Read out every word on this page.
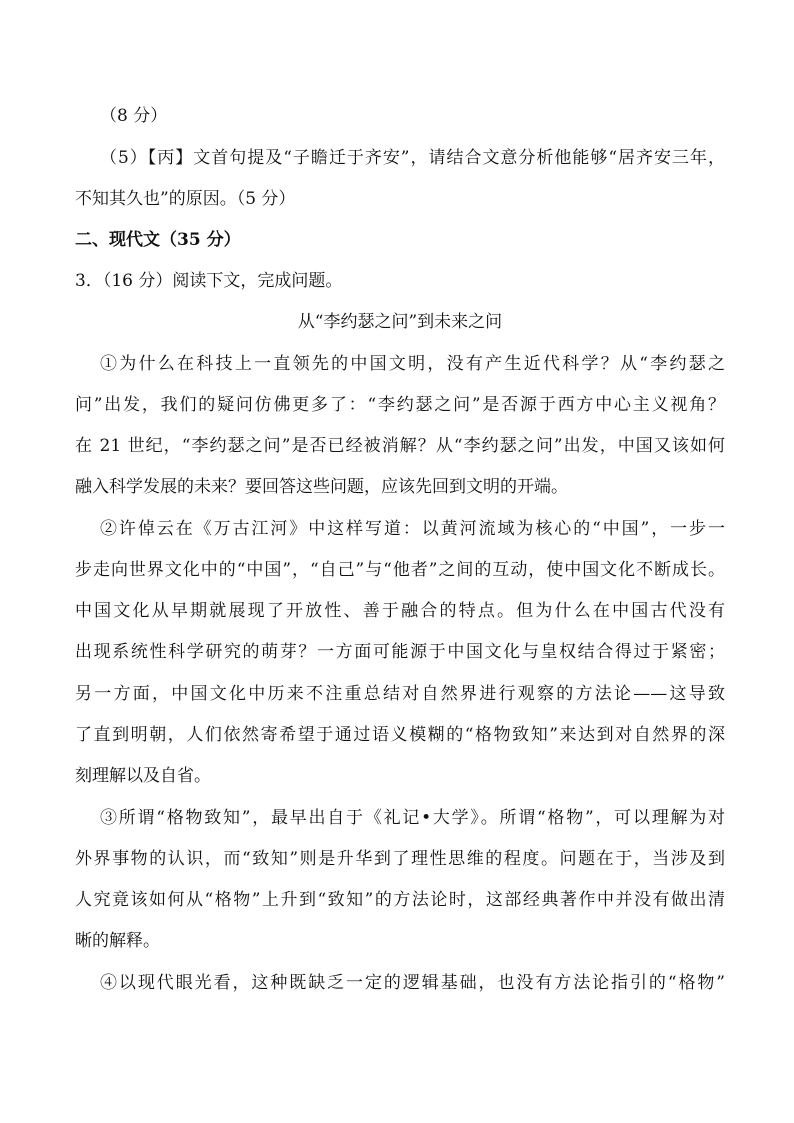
（8 分）
（5）【丙】文首句提及“子瞻迁于齐安”，请结合文意分析他能够“居齐安三年，
不知其久也”的原因。（5 分）
二、现代文（35 分）
3．（16 分）阅读下文，完成问题。
从“李约瑟之问”到未来之问
①为什么在科技上一直领先的中国文明，没有产生近代科学？从“李约瑟之
问”出发，我们的疑问仿佛更多了：“李约瑟之问”是否源于西方中心主义视角？
在 21 世纪，“李约瑟之问”是否已经被消解？从“李约瑟之问”出发，中国又该如何
融入科学发展的未来？要回答这些问题，应该先回到文明的开端。
②许倬云在《万古江河》中这样写道：以黄河流域为核心的“中国”，一步一
步走向世界文化中的“中国”，“自己”与“他者”之间的互动，使中国文化不断成长。
中国文化从早期就展现了开放性、善于融合的特点。但为什么在中国古代没有
出现系统性科学研究的萌芽？一方面可能源于中国文化与皇权结合得过于紧密；
另一方面，中国文化中历来不注重总结对自然界进行观察的方法论——这导致
了直到明朝，人们依然寄希望于通过语义模糊的“格物致知”来达到对自然界的深
刻理解以及自省。
③所谓“格物致知”，最早出自于《礼记•大学》。所谓“格物”，可以理解为对
外界事物的认识，而“致知”则是升华到了理性思维的程度。问题在于，当涉及到
人究竟该如何从“格物”上升到“致知”的方法论时，这部经典著作中并没有做出清
晰的解释。
④以现代眼光看，这种既缺乏一定的逻辑基础，也没有方法论指引的“格物”
